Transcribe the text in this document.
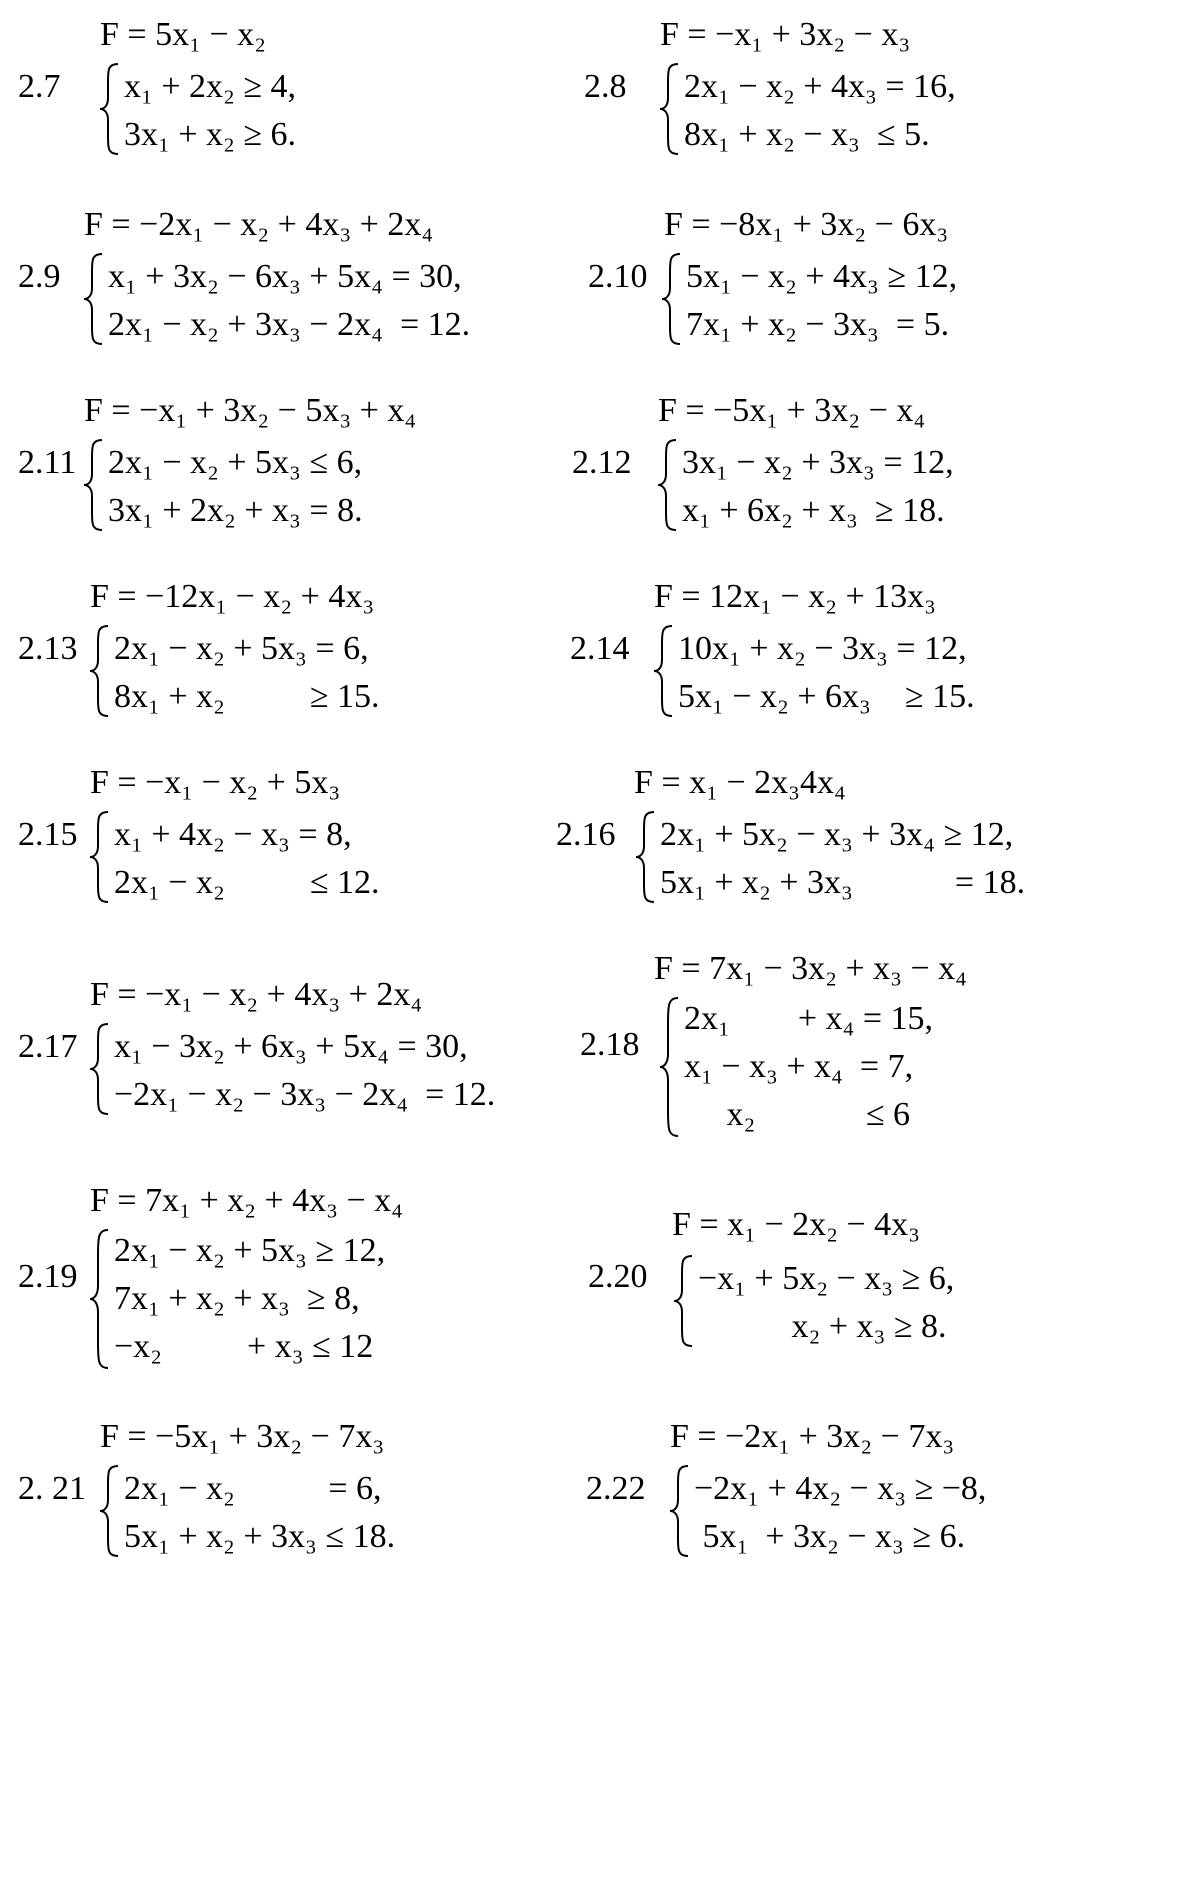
F = 5x₁ − x₂
2.7 x₁ + 2x₂ ≥ 4,
3x₁ + x₂ ≥ 6.
F = −x₁ + 3x₂ − x₃
2.8 2x₁ − x₂ + 4x₃ = 16,
8x₁ + x₂ − x₃  ≤ 5.
F = −2x₁ − x₂ + 4x₃ + 2x₄
2.9 x₁ + 3x₂ − 6x₃ + 5x₄ = 30,
2x₁ − x₂ + 3x₃ − 2x₄  = 12.
F = −8x₁ + 3x₂ − 6x₃
2.10 5x₁ − x₂ + 4x₃ ≥ 12,
7x₁ + x₂ − 3x₃  = 5.
F = −x₁ + 3x₂ − 5x₃ + x₄
2.11 2x₁ − x₂ + 5x₃ ≤ 6,
3x₁ + 2x₂ + x₃ = 8.
F = −5x₁ + 3x₂ − x₄
2.12 3x₁ − x₂ + 3x₃ = 12,
x₁ + 6x₂ + x₃  ≥ 18.
F = −12x₁ − x₂ + 4x₃
2.13 2x₁ − x₂ + 5x₃ = 6,
8x₁ + x₂          ≥ 15.
F = 12x₁ − x₂ + 13x₃
2.14 10x₁ + x₂ − 3x₃ = 12,
5x₁ − x₂ + 6x₃    ≥ 15.
F = −x₁ − x₂ + 5x₃
2.15 x₁ + 4x₂ − x₃ = 8,
2x₁ − x₂          ≤ 12.
F = x₁ − 2x₃4x₄
2.16 2x₁ + 5x₂ − x₃ + 3x₄ ≥ 12,
5x₁ + x₂ + 3x₃            = 18.
F = −x₁ − x₂ + 4x₃ + 2x₄
2.17 x₁ − 3x₂ + 6x₃ + 5x₄ = 30,
−2x₁ − x₂ − 3x₃ − 2x₄  = 12.
F = 7x₁ − 3x₂ + x₃ − x₄
2.18
2x₁        + x₄ = 15,
x₁ − x₃ + x₄  = 7,
x₂             ≤ 6
F = 7x₁ + x₂ + 4x₃ − x₄
2.19
2x₁ − x₂ + 5x₃ ≥ 12,
7x₁ + x₂ + x₃  ≥ 8,
−x₂          + x₃ ≤ 12
F = x₁ − 2x₂ − 4x₃
2.20 −x₁ + 5x₂ − x₃ ≥ 6,
x₂ + x₃ ≥ 8.
F = −5x₁ + 3x₂ − 7x₃
2. 21 2x₁ − x₂           = 6,
5x₁ + x₂ + 3x₃ ≤ 18.
F = −2x₁ + 3x₂ − 7x₃
2.22 −2x₁ + 4x₂ − x₃ ≥ −8,
5x₁  + 3x₂ − x₃ ≥ 6.
